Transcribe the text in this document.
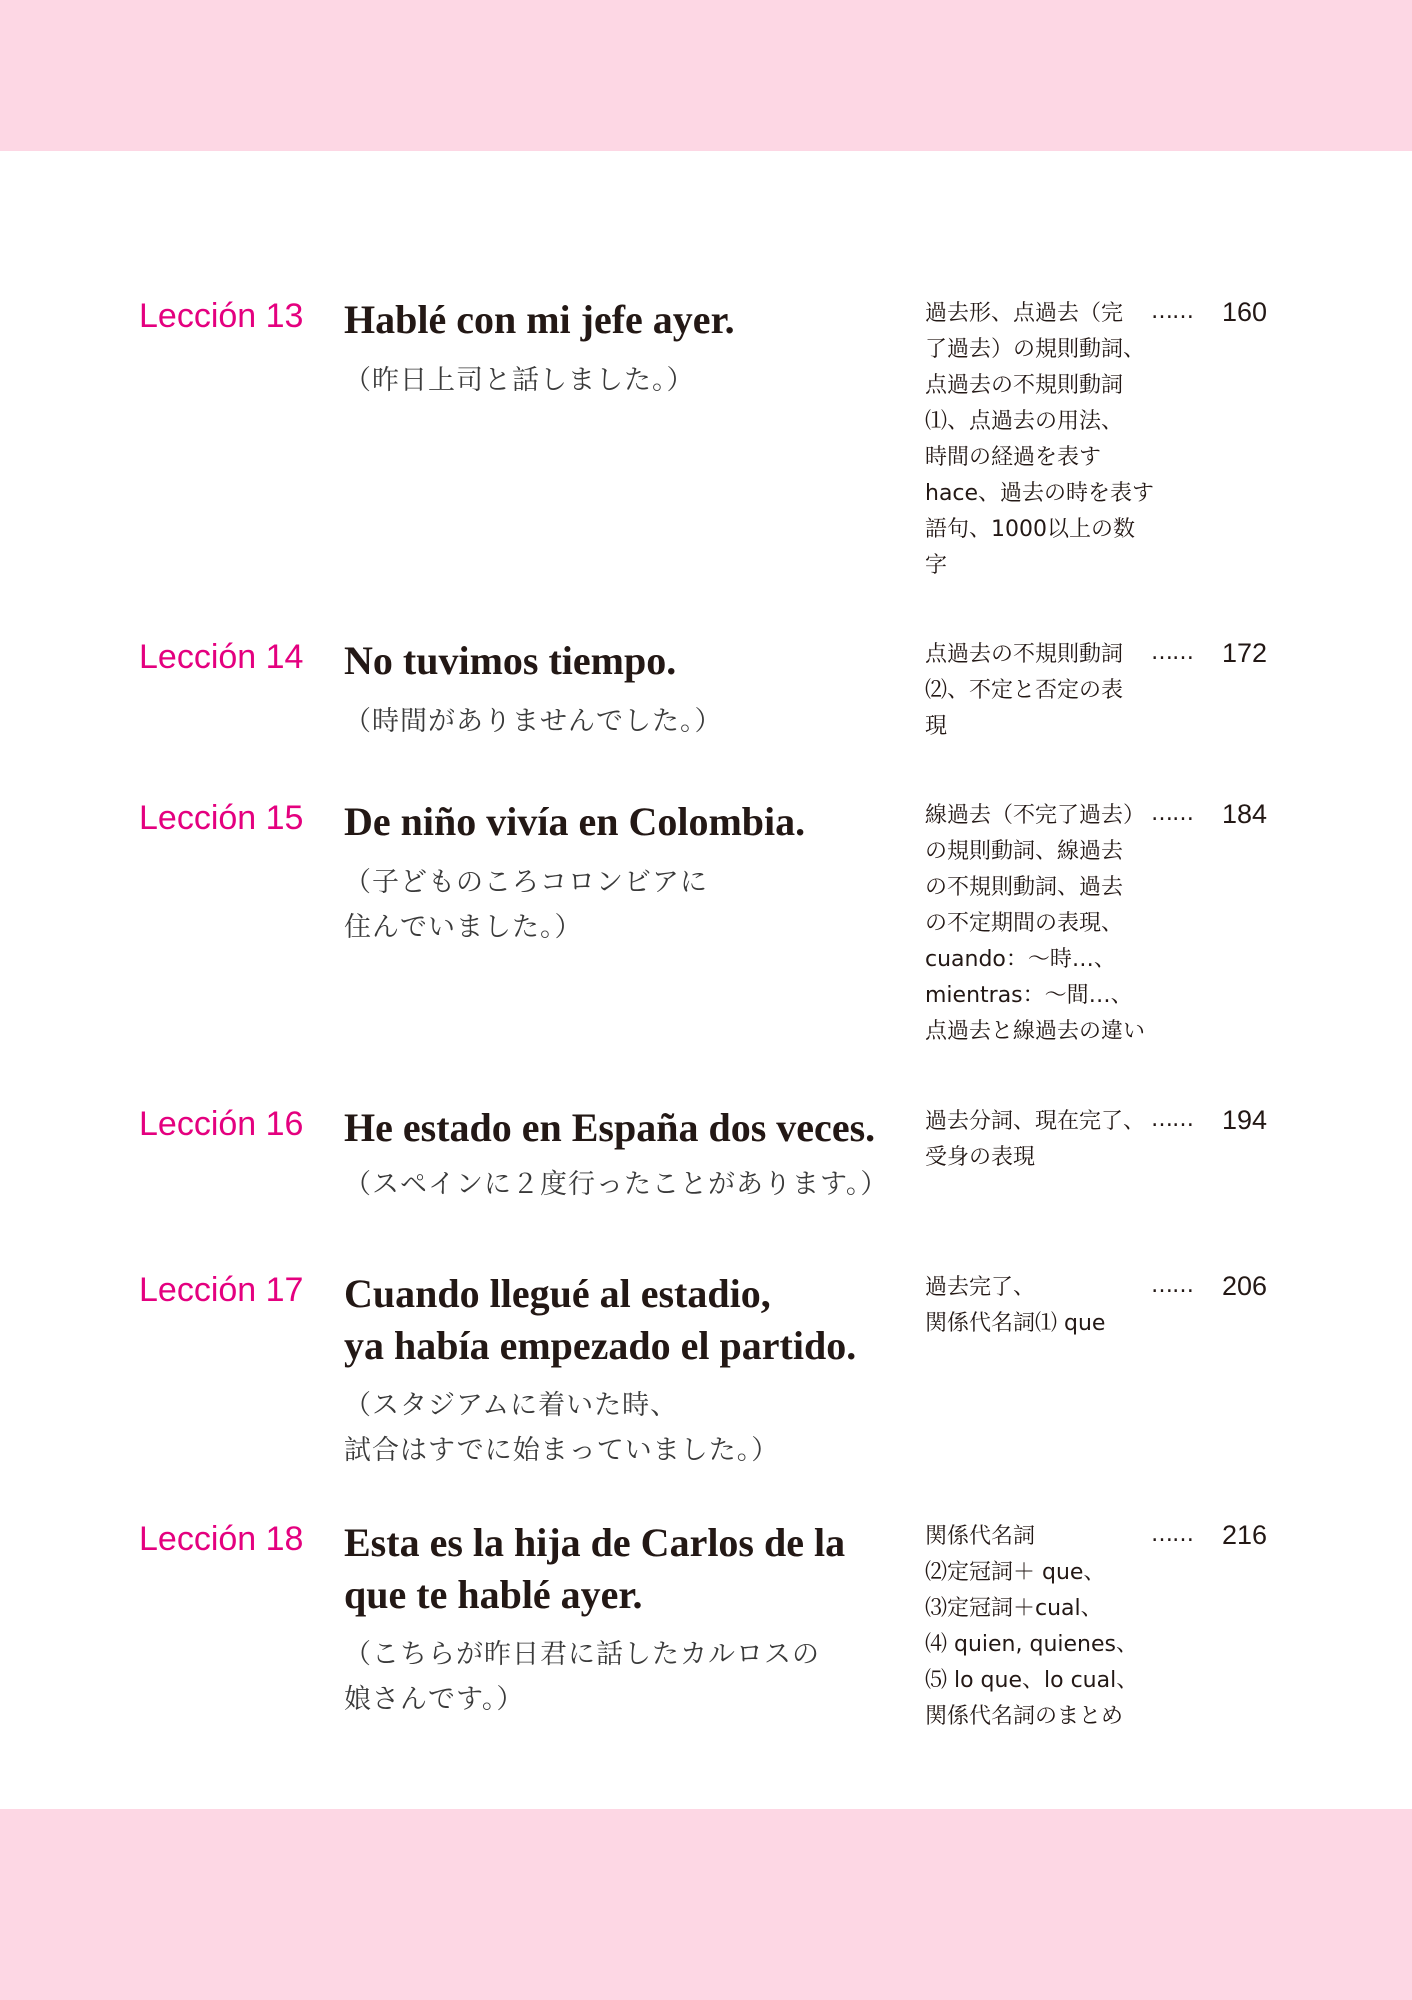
Lección 13 Hablé con mi jefe ayer.
（昨日上司と話しました。）
過去形、点過去（完
了過去）の規則動詞、
点過去の不規則動詞
⑴、点過去の用法、
時間の経過を表す
hace、過去の時を表す
語句、1000以上の数
字
…… 160
Lección 14 No tuvimos tiempo.
（時間がありませんでした。）
点過去の不規則動詞
⑵、不定と否定の表
現
…… 172
Lección 15 De niño vivía en Colombia.
（子どものころコロンビアに
住んでいました。）
線過去（不完了過去）
の規則動詞、線過去
の不規則動詞、過去
の不定期間の表現、
cuando：〜時…、
mientras：〜間…、
点過去と線過去の違い
…… 184
Lección 16 He estado en España dos veces.
（スペインに２度行ったことがあります。）
過去分詞、現在完了、
受身の表現
…… 194
Lección 17 Cuando llegué al estadio,
ya había empezado el partido.
（スタジアムに着いた時、
試合はすでに始まっていました。）
過去完了、
関係代名詞⑴ que
…… 206
Lección 18 Esta es la hija de Carlos de la
que te hablé ayer.
（こちらが昨日君に話したカルロスの
娘さんです。）
関係代名詞
⑵定冠詞＋ que、
⑶定冠詞＋cual、
⑷ quien, quienes、
⑸ lo que、lo cual、
関係代名詞のまとめ
…… 216
